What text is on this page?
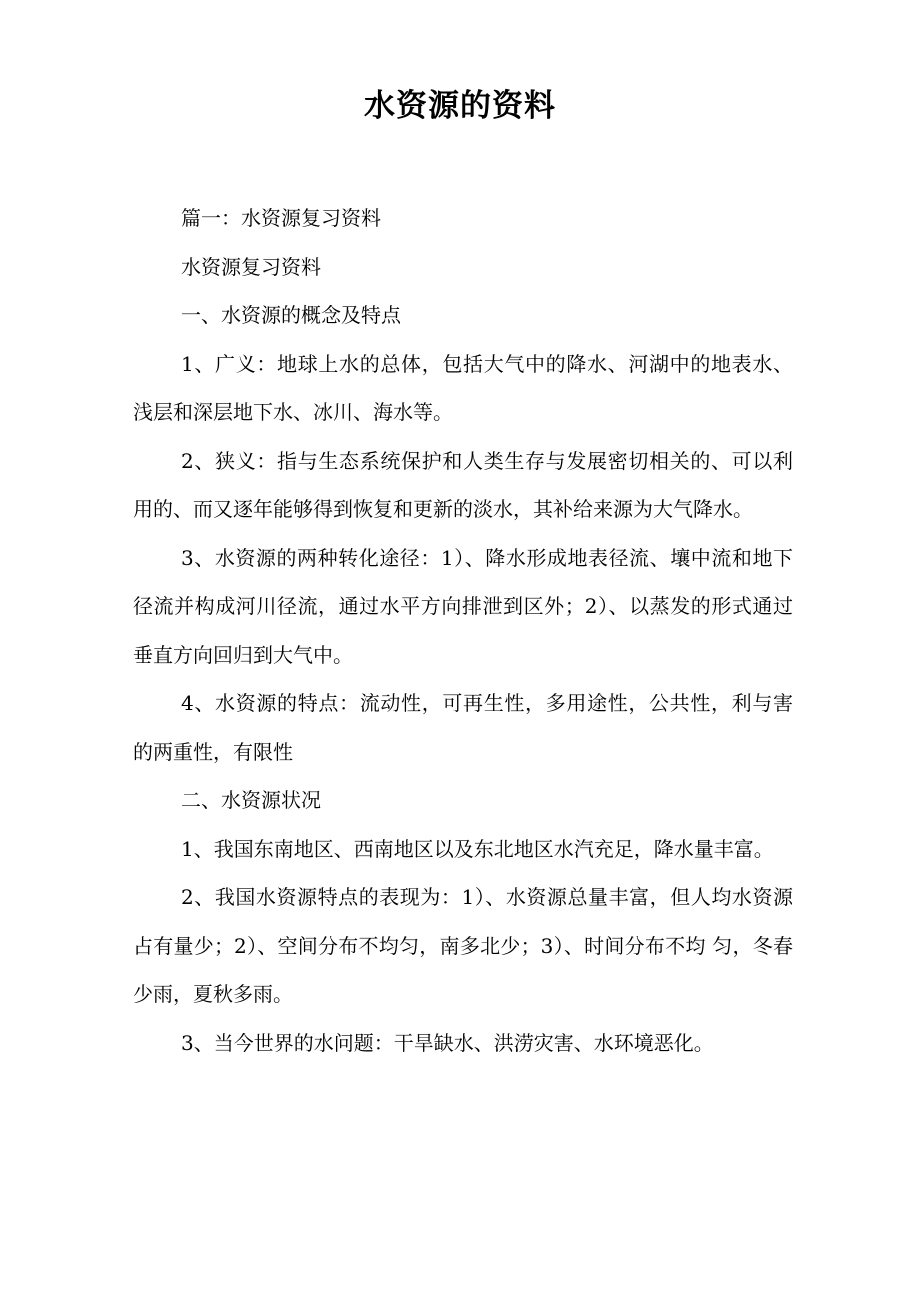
水资源的资料

篇一：水资源复习资料

水资源复习资料

一、水资源的概念及特点

1、广义：地球上水的总体，包括大气中的降水、河湖中的地表水、浅层和深层地下水、冰川、海水等。

2、狭义：指与生态系统保护和人类生存与发展密切相关的、可以利用的、而又逐年能够得到恢复和更新的淡水，其补给来源为大气降水。

3、水资源的两种转化途径：1）、降水形成地表径流、壤中流和地下径流并构成河川径流，通过水平方向排泄到区外；2）、以蒸发的形式通过垂直方向回归到大气中。

4、水资源的特点：流动性，可再生性，多用途性，公共性，利与害的两重性，有限性

二、水资源状况

1、我国东南地区、西南地区以及东北地区水汽充足，降水量丰富。

2、我国水资源特点的表现为：1）、水资源总量丰富，但人均水资源占有量少；2）、空间分布不均匀，南多北少；3）、时间分布不均 匀，冬春少雨，夏秋多雨。

3、当今世界的水问题：干旱缺水、洪涝灾害、水环境恶化。
